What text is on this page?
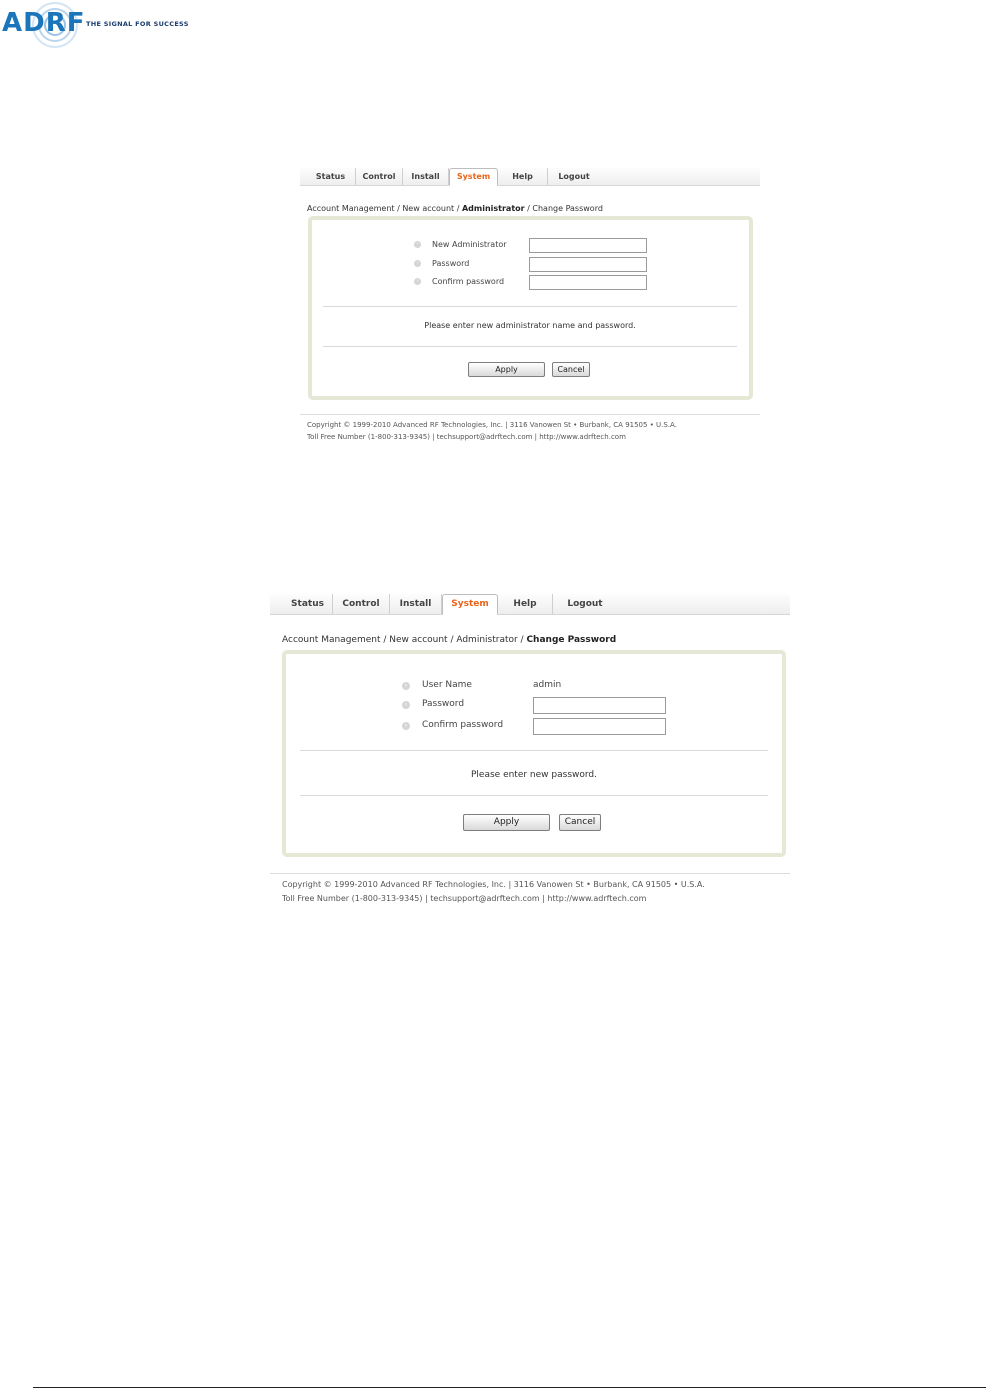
ADRF THE SIGNAL FOR SUCCESS
Status	Control	Install	System	Help	Logout
Account Management / New account / Administrator / Change Password
›	New Administrator
›	Password
›	Confirm password
Please enter new administrator name and password.
Apply	Cancel
Copyright © 1999-2010 Advanced RF Technologies, Inc. | 3116 Vanowen St • Burbank, CA 91505 • U.S.A.
Toll Free Number (1-800-313-9345) | techsupport@adrftech.com | http://www.adrftech.com
Status	Control	Install	System	Help	Logout
Account Management / New account / Administrator / Change Password
›	User Name	admin
›	Password
›	Confirm password
Please enter new password.
Apply	Cancel
Copyright © 1999-2010 Advanced RF Technologies, Inc. | 3116 Vanowen St • Burbank, CA 91505 • U.S.A.
Toll Free Number (1-800-313-9345) | techsupport@adrftech.com | http://www.adrftech.com
